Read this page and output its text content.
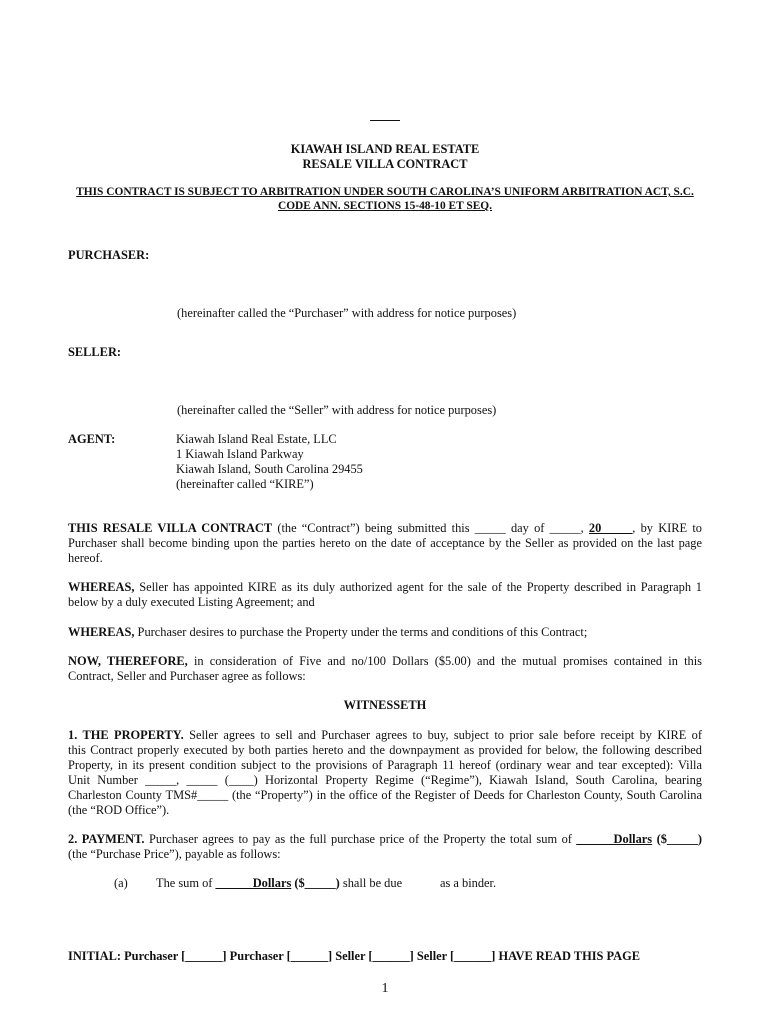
KIAWAH ISLAND REAL ESTATE
RESALE VILLA CONTRACT
THIS CONTRACT IS SUBJECT TO ARBITRATION UNDER SOUTH CAROLINA’S UNIFORM ARBITRATION ACT, S.C.
CODE ANN. SECTIONS 15-48-10 ET SEQ.
PURCHASER:
(hereinafter called the “Purchaser” with address for notice purposes)
SELLER:
(hereinafter called the “Seller” with address for notice purposes)
AGENT:	Kiawah Island Real Estate, LLC
1 Kiawah Island Parkway
Kiawah Island, South Carolina 29455
(hereinafter called “KIRE”)
THIS RESALE VILLA CONTRACT (the “Contract”) being submitted this _____ day of _____, 20_____, by KIRE to
Purchaser shall become binding upon the parties hereto on the date of acceptance by the Seller as provided on the last page
hereof.
WHEREAS, Seller has appointed KIRE as its duly authorized agent for the sale of the Property described in Paragraph 1
below by a duly executed Listing Agreement; and
WHEREAS, Purchaser desires to purchase the Property under the terms and conditions of this Contract;
NOW, THEREFORE, in consideration of Five and no/100 Dollars ($5.00) and the mutual promises contained in this
Contract, Seller and Purchaser agree as follows:
WITNESSETH
1. THE PROPERTY. Seller agrees to sell and Purchaser agrees to buy, subject to prior sale before receipt by KIRE of
this Contract properly executed by both parties hereto and the downpayment as provided for below, the following described
Property, in its present condition subject to the provisions of Paragraph 11 hereof (ordinary wear and tear excepted): Villa
Unit Number _____, _____ (____) Horizontal Property Regime (“Regime”), Kiawah Island, South Carolina, bearing
Charleston County TMS#_____ (the “Property”) in the office of the Register of Deeds for Charleston County, South Carolina
(the “ROD Office”).
2. PAYMENT. Purchaser agrees to pay as the full purchase price of the Property the total sum of ______Dollars ($_____)
(the “Purchase Price”), payable as follows:
(a) The sum of ______Dollars ($_____) shall be due	as a binder.
INITIAL: Purchaser [______] Purchaser [______] Seller [______] Seller [______] HAVE READ THIS PAGE
1
